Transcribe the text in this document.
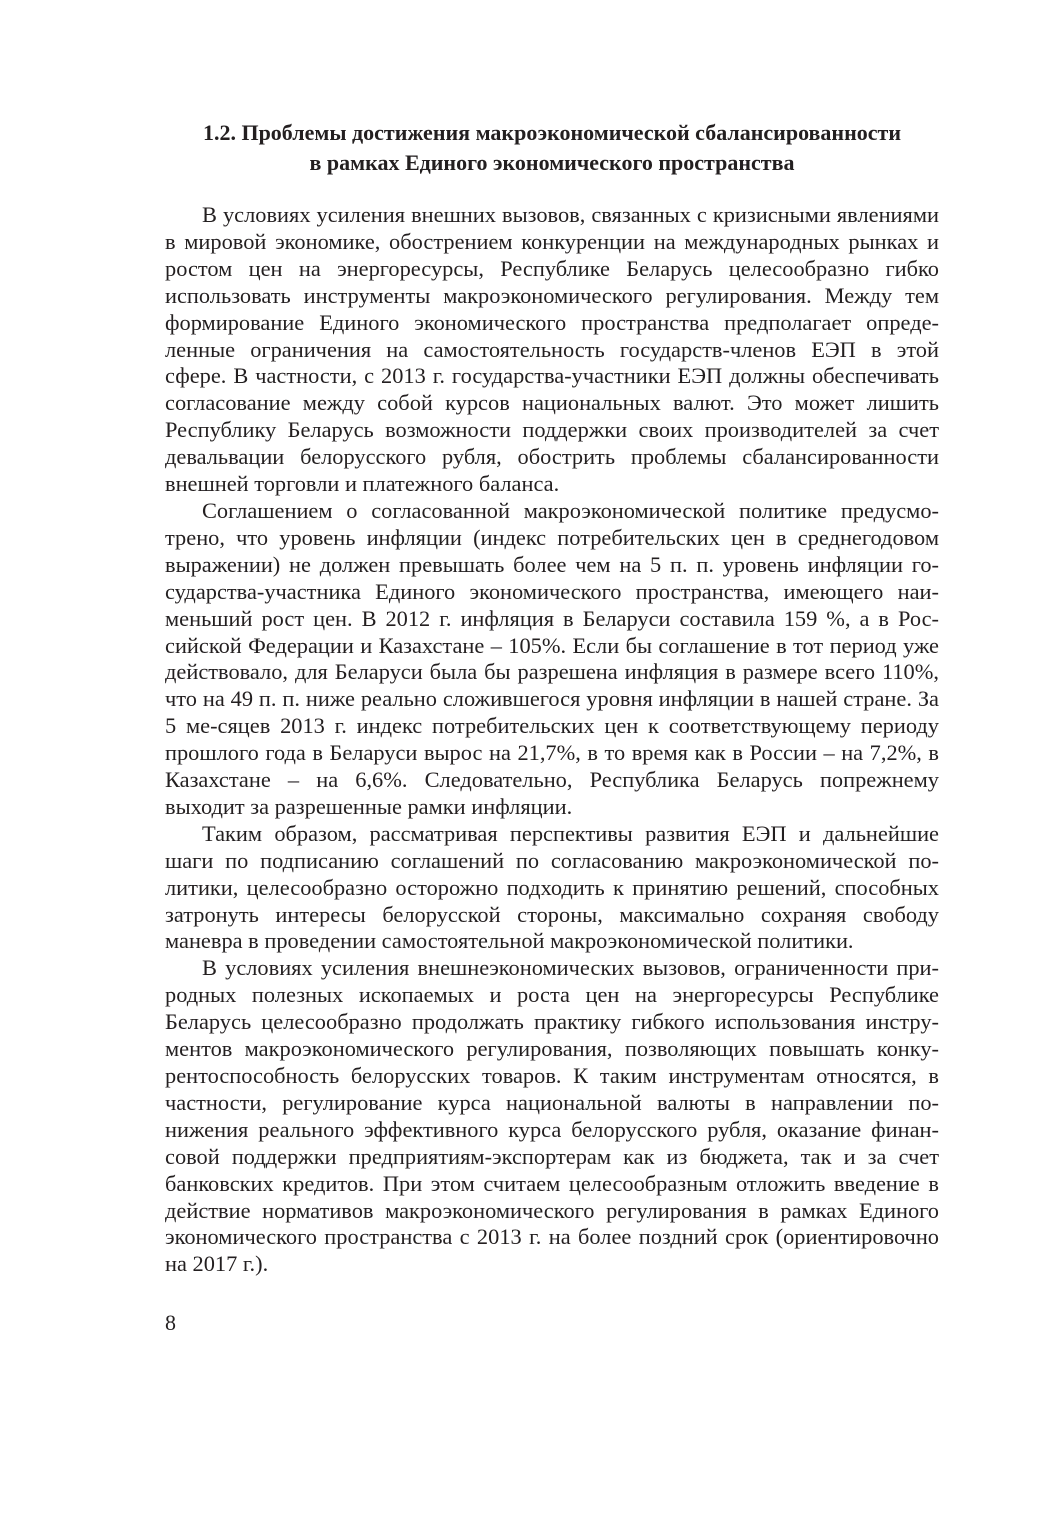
1.2. Проблемы достижения макроэкономической сбалансированности
в рамках Единого экономического пространства

В условиях усиления внешних вызовов, связанных с кризисными явлениями в мировой экономике, обострением конкуренции на международных рынках и ростом цен на энергоресурсы, Республике Беларусь целесообразно гибко использовать инструменты макроэкономического регулирования. Между тем формирование Единого экономического пространства предполагает определенные ограничения на самостоятельность государств-членов ЕЭП в этой сфере. В частности, с 2013 г. государства-участники ЕЭП должны обеспечивать согласование между собой курсов национальных валют. Это может лишить Республику Беларусь возможности поддержки своих производителей за счет девальвации белорусского рубля, обострить проблемы сбалансированности внешней торговли и платежного баланса.

Соглашением о согласованной макроэкономической политике предусмотрено, что уровень инфляции (индекс потребительских цен в среднегодовом выражении) не должен превышать более чем на 5 п. п. уровень инфляции государства-участника Единого экономического пространства, имеющего наименьший рост цен. В 2012 г. инфляция в Беларуси составила 159 %, а в Российской Федерации и Казахстане – 105%. Если бы соглашение в тот период уже действовало, для Беларуси была бы разрешена инфляция в размере всего 110%, что на 49 п. п. ниже реально сложившегося уровня инфляции в нашей стране. За 5 ме-сяцев 2013 г. индекс потребительских цен к соответствующему периоду прошлого года в Беларуси вырос на 21,7%, в то время как в России – на 7,2%, в Казахстане – на 6,6%. Следовательно, Республика Беларусь попрежнему выходит за разрешенные рамки инфляции.

Таким образом, рассматривая перспективы развития ЕЭП и дальнейшие шаги по подписанию соглашений по согласованию макроэкономической политики, целесообразно осторожно подходить к принятию решений, способных затронуть интересы белорусской стороны, максимально сохраняя свободу маневра в проведении самостоятельной макроэкономической политики.

В условиях усиления внешнеэкономических вызовов, ограниченности природных полезных ископаемых и роста цен на энергоресурсы Республике Беларусь целесообразно продолжать практику гибкого использования инструментов макроэкономического регулирования, позволяющих повышать конкурентоспособность белорусских товаров. К таким инструментам относятся, в частности, регулирование курса национальной валюты в направлении понижения реального эффективного курса белорусского рубля, оказание финансовой поддержки предприятиям-экспортерам как из бюджета, так и за счет банковских кредитов. При этом считаем целесообразным отложить введение в действие нормативов макроэкономического регулирования в рамках Единого экономического пространства с 2013 г. на более поздний срок (ориентировочно на 2017 г.).

8
